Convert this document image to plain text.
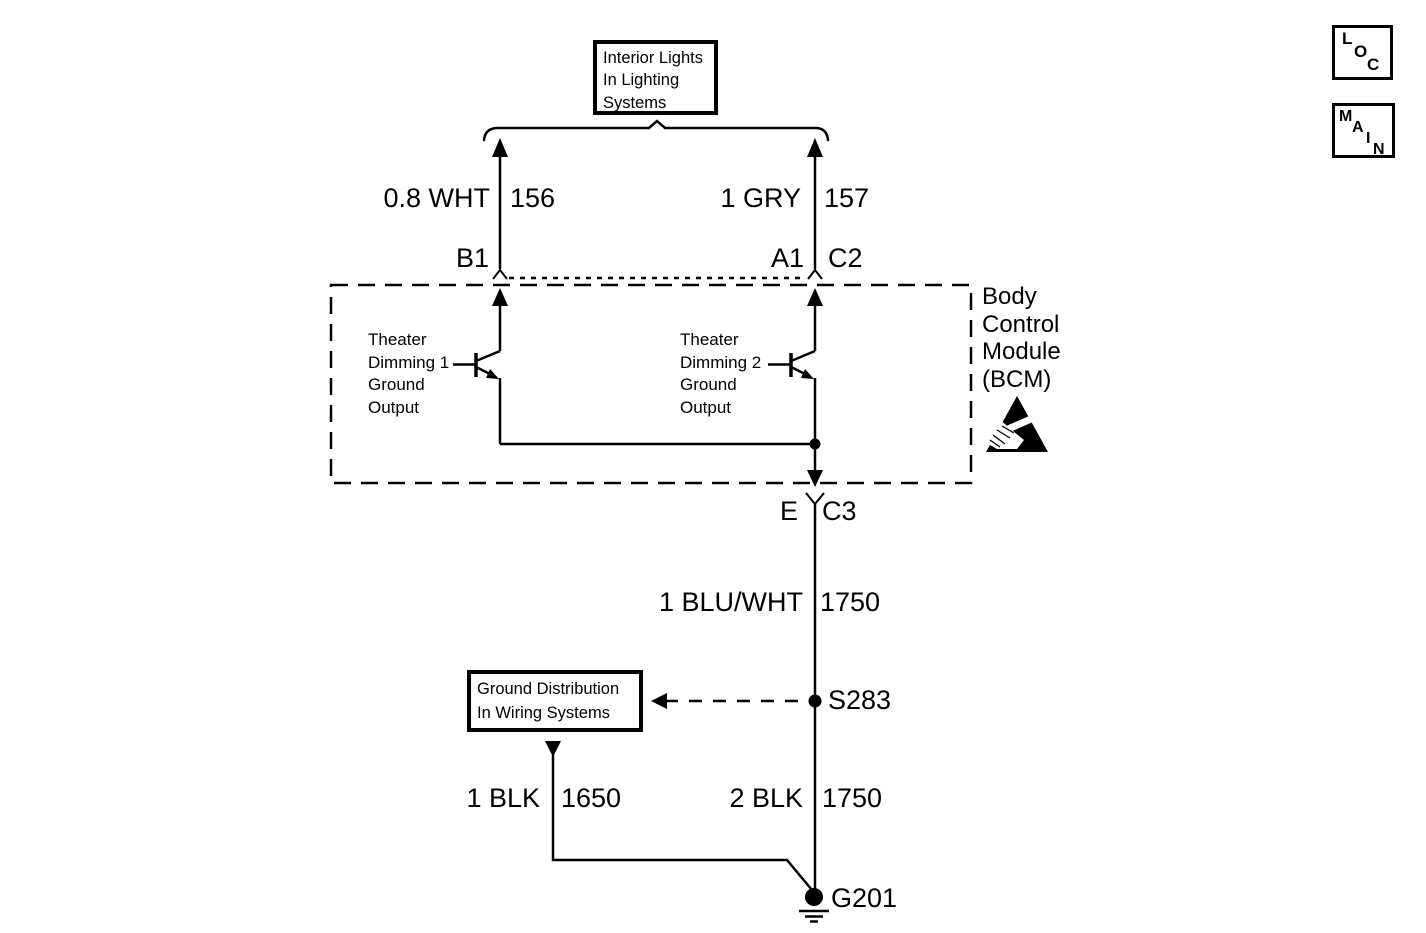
Interior Lights
In Lighting
Systems
Ground Distribution
In Wiring Systems
L
O
C
M
A
I
N
0.8 WHT 156	1 GRY 157
B1	A1 C2
E C3
1 BLU/WHT 1750
S283
1 BLK 1650	2 BLK 1750
G201
Theater
Dimming 1
Ground
Output
Theater
Dimming 2
Ground
Output
Body
Control
Module
(BCM)
